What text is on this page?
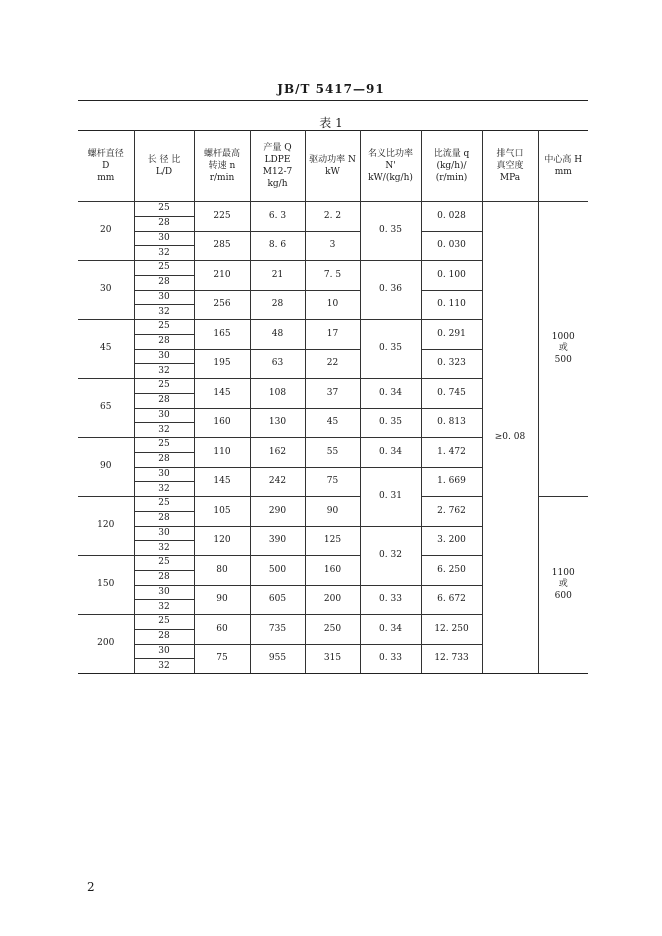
JB/T 5417—91
表 1
螺杆直径
D
mm	长 径 比
L/D	螺杆最高
转速 n
r/min	产量 Q
LDPE
M12-7
kg/h	驱动功率 N
kW	名义比功率
N'
kW/(kg/h)	比流量 q
(kg/h)/
(r/min)	排气口
真空度
MPa	中心高 H
mm

20	25	225	6. 3	2. 2	0. 35	0. 028	≥0. 08	1000
或
500

	28							
	30	285	8. 6	3		0. 030		
	32							
30	25	210	21	7. 5	0. 36	0. 100		
	28							
	30	256	28	10		0. 110		
	32							
45	25	165	48	17	0. 35	0. 291		
	28							
	30	195	63	22		0. 323		
	32							
65	25	145	108	37	0. 34	0. 745		
	28							
	30	160	130	45	0. 35	0. 813		
	32							
90	25	110	162	55	0. 34	1. 472		
	28							
	30	145	242	75	0. 31	1. 669		
	32							
120	25	105	290	90		2. 762		1100
或
600

	28							
	30	120	390	125	0. 32	3. 200		
	32							
150	25	80	500	160		6. 250		
	28							
	30	90	605	200	0. 33	6. 672		
	32							
200	25	60	735	250	0. 34	12. 250		
	28							
	30	75	955	315	0. 33	12. 733		
	32							
2
